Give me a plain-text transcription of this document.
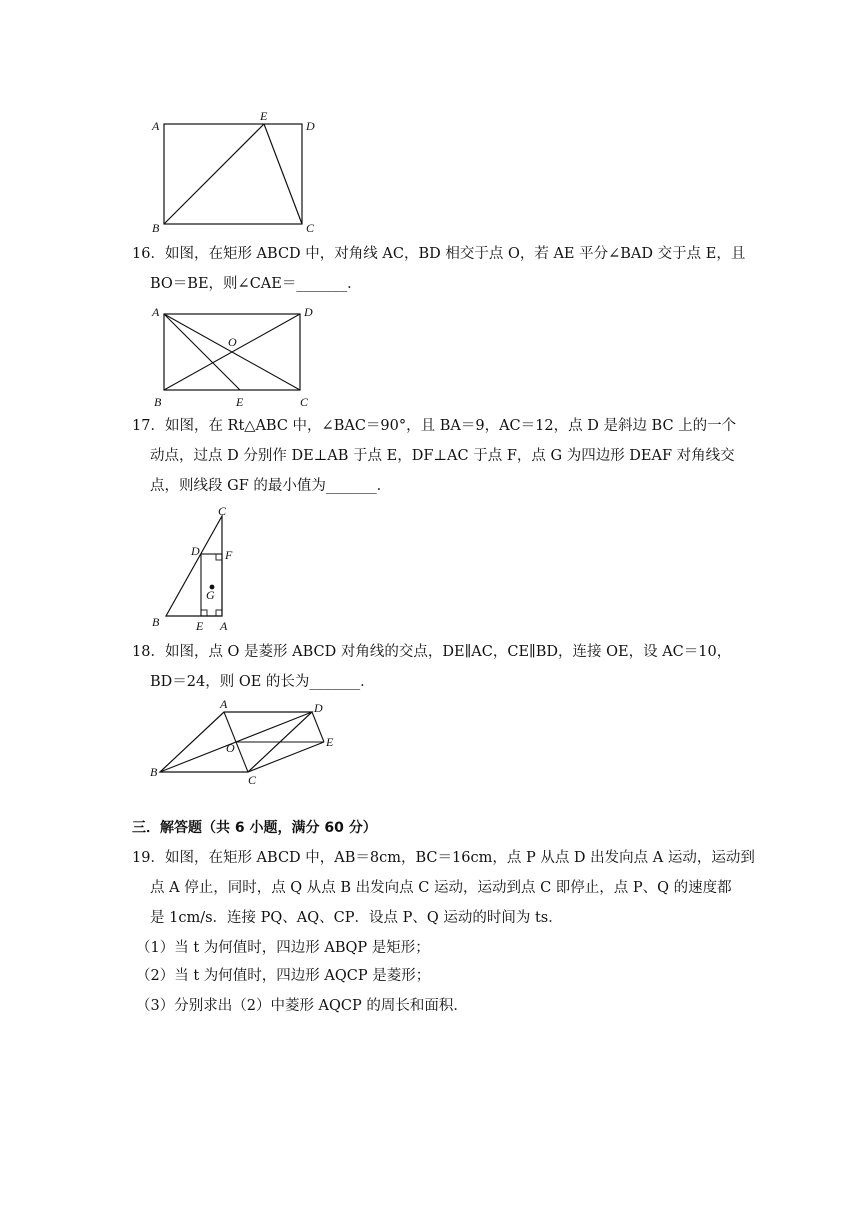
A
E
D
B	C
16．如图，在矩形 ABCD 中，对角线 AC，BD 相交于点 O，若 AE 平分∠BAD 交于点 E，且
BO＝BE，则∠CAE＝_______．
A	D
O
B	E	C
17．如图，在 Rt△ABC 中，∠BAC＝90°，且 BA＝9，AC＝12，点 D 是斜边 BC 上的一个
动点，过点 D 分别作 DE⊥AB 于点 E，DF⊥AC 于点 F，点 G 为四边形 DEAF 对角线交
点，则线段 GF 的最小值为_______．
C
D F
G
B	E A
18．如图，点 O 是菱形 ABCD 对角线的交点，DE∥AC，CE∥BD，连接 OE，设 AC＝10，
BD＝24，则 OE 的长为_______．
A	D
O	E
B
C
三．解答题（共 6 小题，满分 60 分）
19．如图，在矩形 ABCD 中，AB＝8cm，BC＝16cm，点 P 从点 D 出发向点 A 运动，运动到
点 A 停止，同时，点 Q 从点 B 出发向点 C 运动，运动到点 C 即停止，点 P、Q 的速度都
是 1cm/s．连接 PQ、AQ、CP．设点 P、Q 运动的时间为 ts．
（1）当 t 为何值时，四边形 ABQP 是矩形；
（2）当 t 为何值时，四边形 AQCP 是菱形；
（3）分别求出（2）中菱形 AQCP 的周长和面积．
